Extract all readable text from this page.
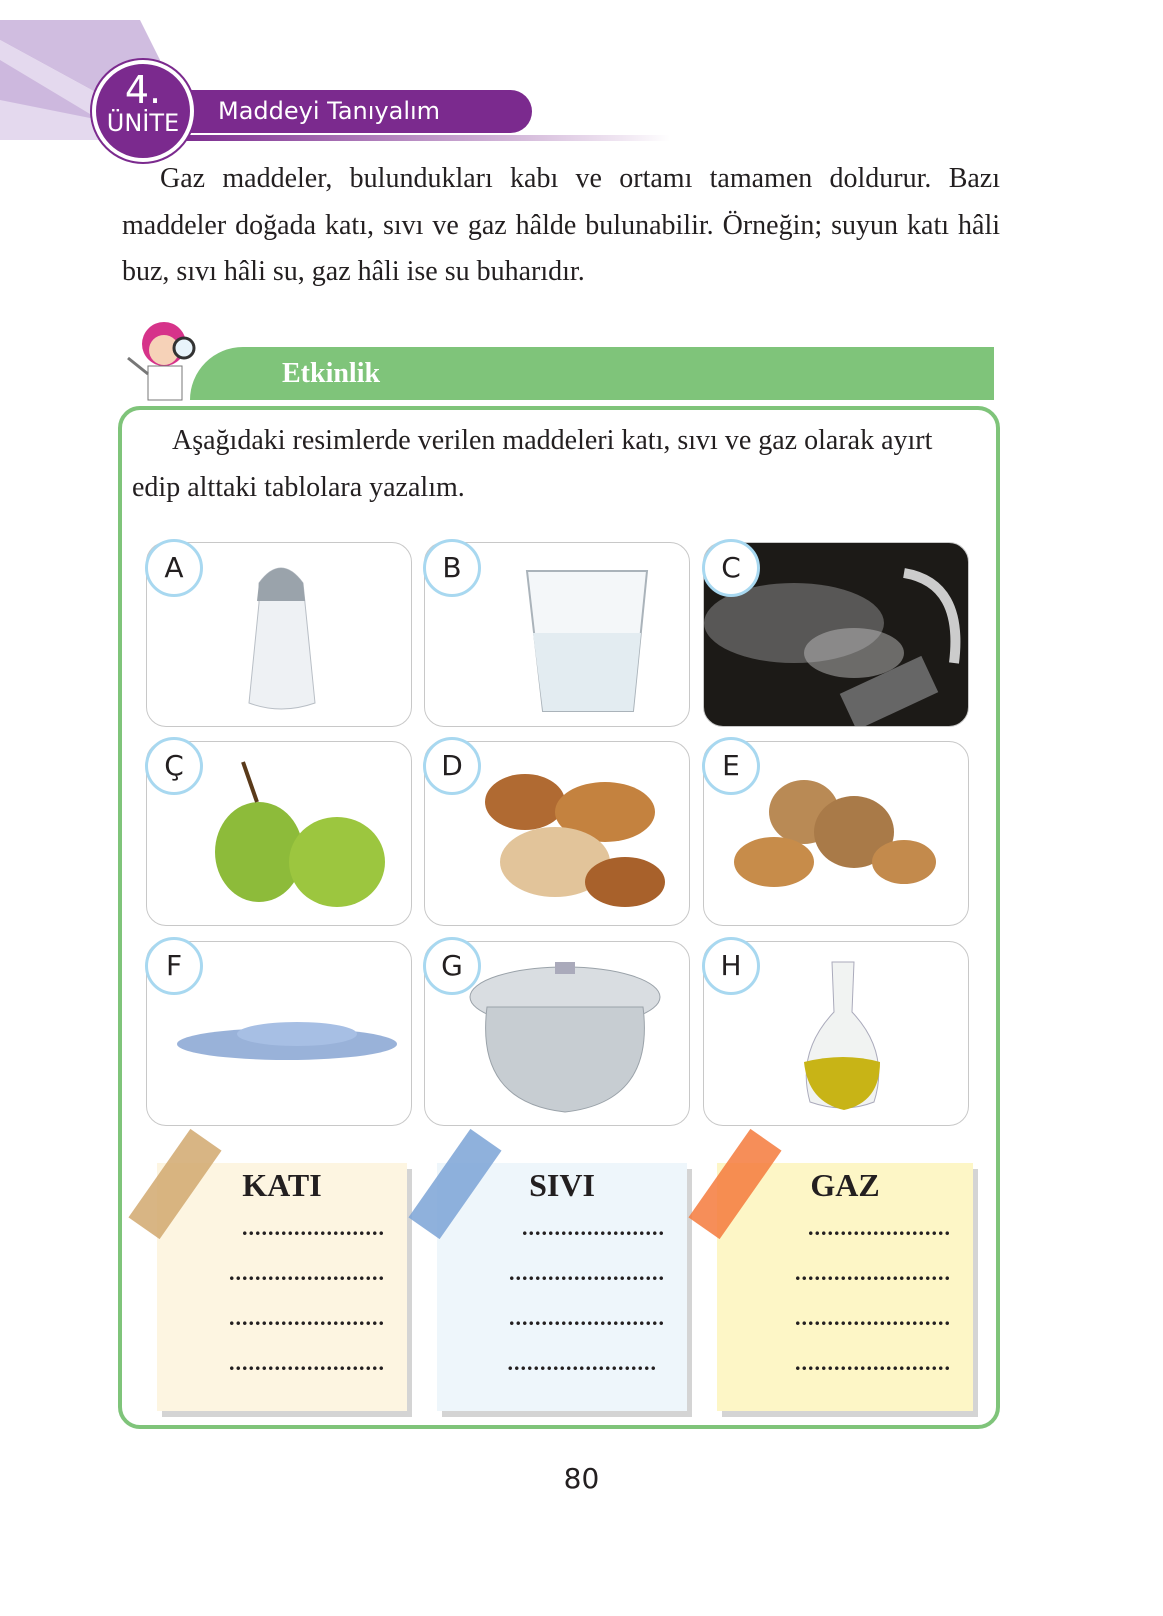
4.
ÜNİTE	Maddeyi Tanıyalım

Gaz maddeler, bulundukları kabı ve ortamı tamamen doldurur. Bazı maddeler doğada katı, sıvı ve gaz hâlde bulunabilir. Örneğin; suyun katı hâli buz, sıvı hâli su, gaz hâli ise su buharıdır.

Etkinlik

Aşağıdaki resimlerde verilen maddeleri katı, sıvı ve gaz olarak ayırt edip alttaki tablolara yazalım.

A	B	C
Ç	D	E
F	G	H
KATI
......................
........................
........................
........................
SIVI
......................
........................
........................
.......................
GAZ
......................
........................
........................
........................
80
